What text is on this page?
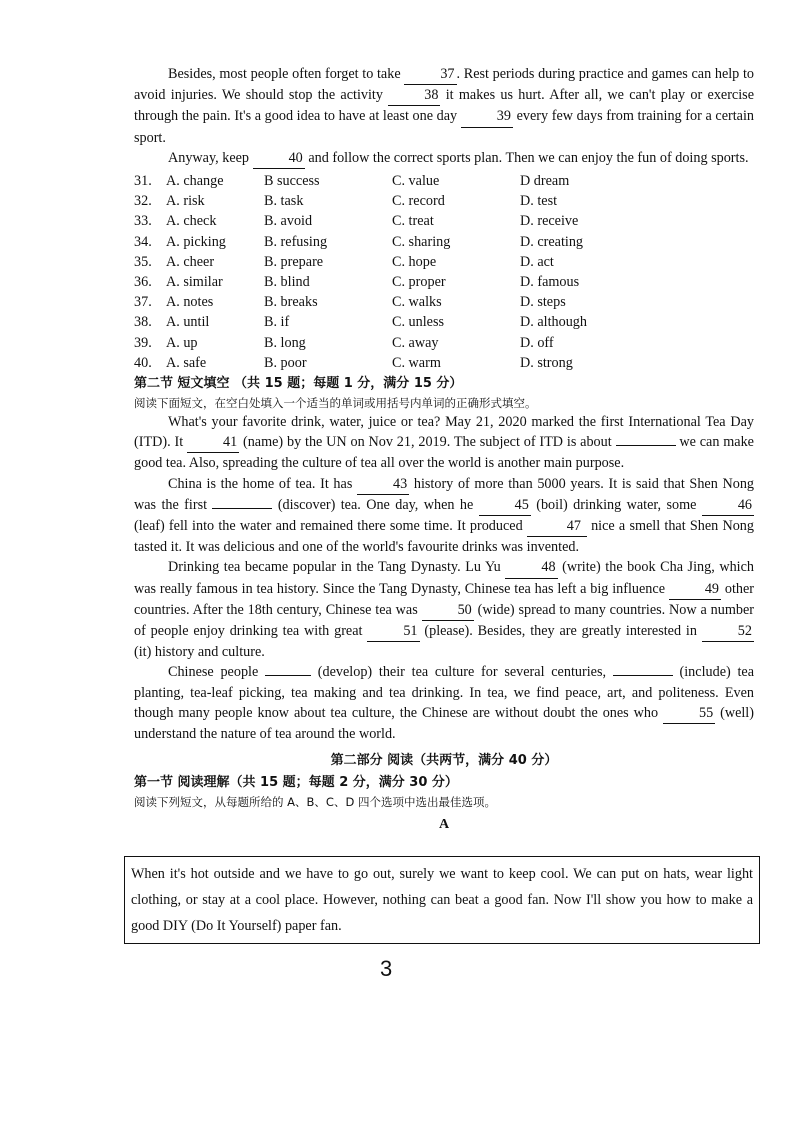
Besides, most people often forget to take	37 . Rest periods during practice and games can help to avoid injuries. We should stop the activity	38 it makes us hurt. After all, we can't play or exercise through the pain. It's a good idea to have at least one day	39 every few days from training for a certain sport.

Anyway, keep	40 and follow the correct sports plan. Then we can enjoy the fun of doing sports.

31.	A. change	B success	C. value	D dream
32.	A. risk	B. task	C. record	D. test
33.	A. check	B. avoid	C. treat	D. receive
34.	A. picking	B. refusing	C. sharing	D. creating
35.	A. cheer	B. prepare	C. hope	D. act
36.	A. similar	B. blind	C. proper	D. famous
37.	A. notes	B. breaks	C. walks	D. steps
38.	A. until	B. if	C. unless	D. although
39.	A. up	B. long	C. away	D. off
40.	A. safe	B. poor	C. warm	D. strong
第二节 短文填空 （共 15 题；每题 1 分，满分 15 分）
阅读下面短文，在空白处填入一个适当的单词或用括号内单词的正确形式填空。

What's your favorite drink, water, juice or tea? May 21, 2020 marked the first International Tea Day (ITD). It	41 (name) by the UN on Nov 21, 2019. The subject of ITD is about	we can make good tea. Also, spreading the culture of tea all over the world is another main purpose.

China is the home of tea. It has	43 history of more than 5000 years. It is said that Shen Nong was the first	(discover) tea. One day, when he	45 (boil) drinking water, some	46 (leaf) fell into the water and remained there some time. It produced	47 nice a smell that Shen Nong tasted it. It was delicious and one of the world's favourite drinks was invented.

Drinking tea became popular in the Tang Dynasty. Lu Yu	48 (write) the book Cha Jing, which was really famous in tea history. Since the Tang Dynasty, Chinese tea has left a big influence	49 other countries. After the 18th century, Chinese tea was	50 (wide) spread to many countries. Now a number of people enjoy drinking tea with great	51 (please). Besides, they are greatly interested in	52 (it) history and culture.

Chinese people	(develop) their tea culture for several centuries,	(include) tea planting, tea-leaf picking, tea making and tea drinking. In tea, we find peace, art, and politeness. Even though many people know about tea culture, the Chinese are without doubt the ones who	55 (well) understand the nature of tea around the world.

第二部分 阅读（共两节，满分 40 分）
第一节 阅读理解（共 15 题；每题 2 分，满分 30 分）
阅读下列短文，从每题所给的 A、B、C、D 四个选项中选出最佳选项。
A

When it's hot outside and we have to go out, surely we want to keep cool. We can put on hats, wear light clothing, or stay at a cool place. However, nothing can beat a good fan. Now I'll show you how to make a good DIY (Do It Yourself) paper fan.

3
